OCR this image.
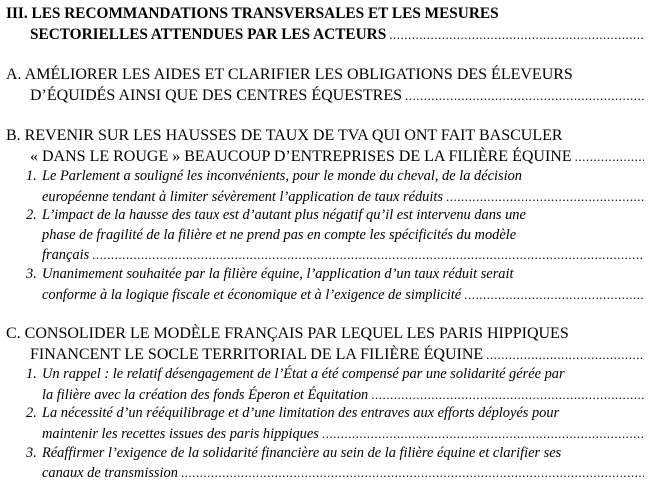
III. LES RECOMMANDATIONS TRANSVERSALES ET LES MESURES
SECTORIELLES ATTENDUES PAR LES ACTEURS
.....
A. AMÉLIORER LES AIDES ET CLARIFIER LES OBLIGATIONS DES ÉLEVEURS
D’ÉQUIDÉS AINSI QUE DES CENTRES ÉQUESTRES
.....
B. REVENIR SUR LES HAUSSES DE TAUX DE TVA QUI ONT FAIT BASCULER
« DANS LE ROUGE » BEAUCOUP D’ENTREPRISES DE LA FILIÈRE ÉQUINE
.....
1. Le Parlement a souligné les inconvénients, pour le monde du cheval, de la décision
européenne tendant à limiter sévèrement l’application de taux réduits
.....
2. L’impact de la hausse des taux est d’autant plus négatif qu’il est intervenu dans une
phase de fragilité de la filière et ne prend pas en compte les spécificités du modèle
français
.....
3. Unanimement souhaitée par la filière équine, l’application d’un taux réduit serait
conforme à la logique fiscale et économique et à l’exigence de simplicité
.....
C. CONSOLIDER LE MODÈLE FRANÇAIS PAR LEQUEL LES PARIS HIPPIQUES
FINANCENT LE SOCLE TERRITORIAL DE LA FILIÈRE ÉQUINE
.....
1. Un rappel : le relatif désengagement de l’État a été compensé par une solidarité gérée par
la filière avec la création des fonds Éperon et Équitation
.....
2. La nécessité d’un rééquilibrage et d’une limitation des entraves aux efforts déployés pour
maintenir les recettes issues des paris hippiques
.....
3. Réaffirmer l’exigence de la solidarité financière au sein de la filière équine et clarifier ses
canaux de transmission
.....
